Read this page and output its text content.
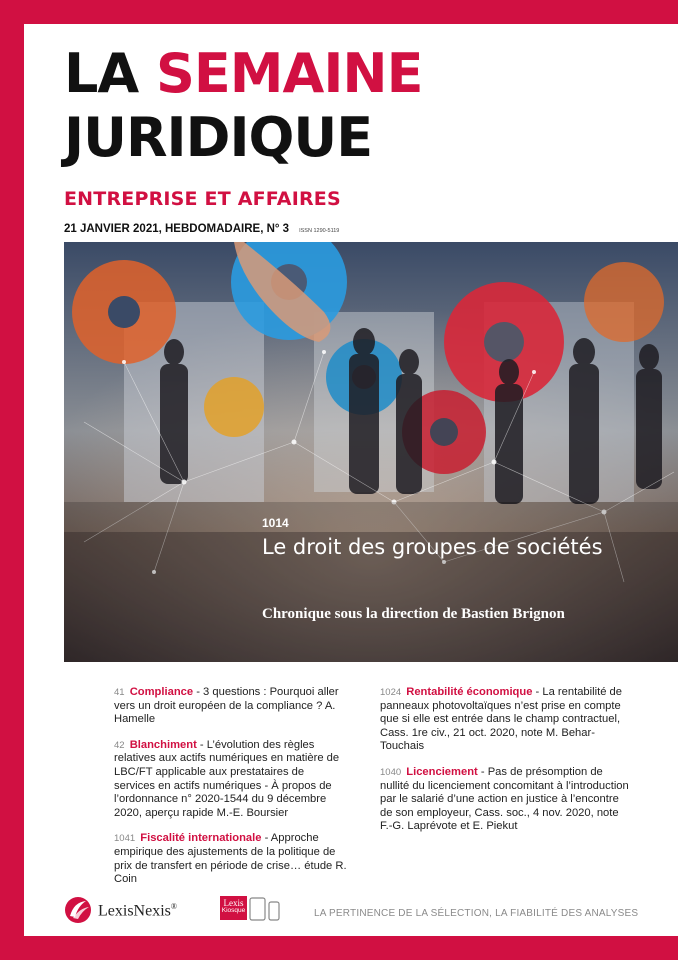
LA SEMAINE
JURIDIQUE
ENTREPRISE ET AFFAIRES
21 JANVIER 2021, HEBDOMADAIRE, N° 3 ISSN 1290-5119
1014
Le droit des groupes de sociétés
Chronique sous la direction de Bastien Brignon
41 Compliance - 3 questions : Pourquoi aller vers un droit européen de la compliance ? A. Hamelle
42 Blanchiment - L’évolution des règles relatives aux actifs numériques en matière de LBC/FT applicable aux prestataires de services en actifs numériques - À propos de l’ordonnance n° 2020-1544 du 9 décembre 2020, aperçu rapide M.-E. Boursier
1041 Fiscalité internationale - Approche empirique des ajustements de la politique de prix de transfert en période de crise… étude R. Coin
1024 Rentabilité économique - La rentabilité de panneaux photovoltaïques n’est prise en compte que si elle est entrée dans le champ contractuel, Cass. 1re civ., 21 oct. 2020, note M. Behar-Touchais
1040 Licenciement - Pas de présomption de nullité du licenciement concomitant à l’introduction par le salarié d’une action en justice à l’encontre de son employeur, Cass. soc., 4 nov. 2020, note F.-G. Laprévote et E. Piekut
LexisNexis®	Lexis
Kiosque	LA PERTINENCE DE LA SÉLECTION, LA FIABILITÉ DES ANALYSES
